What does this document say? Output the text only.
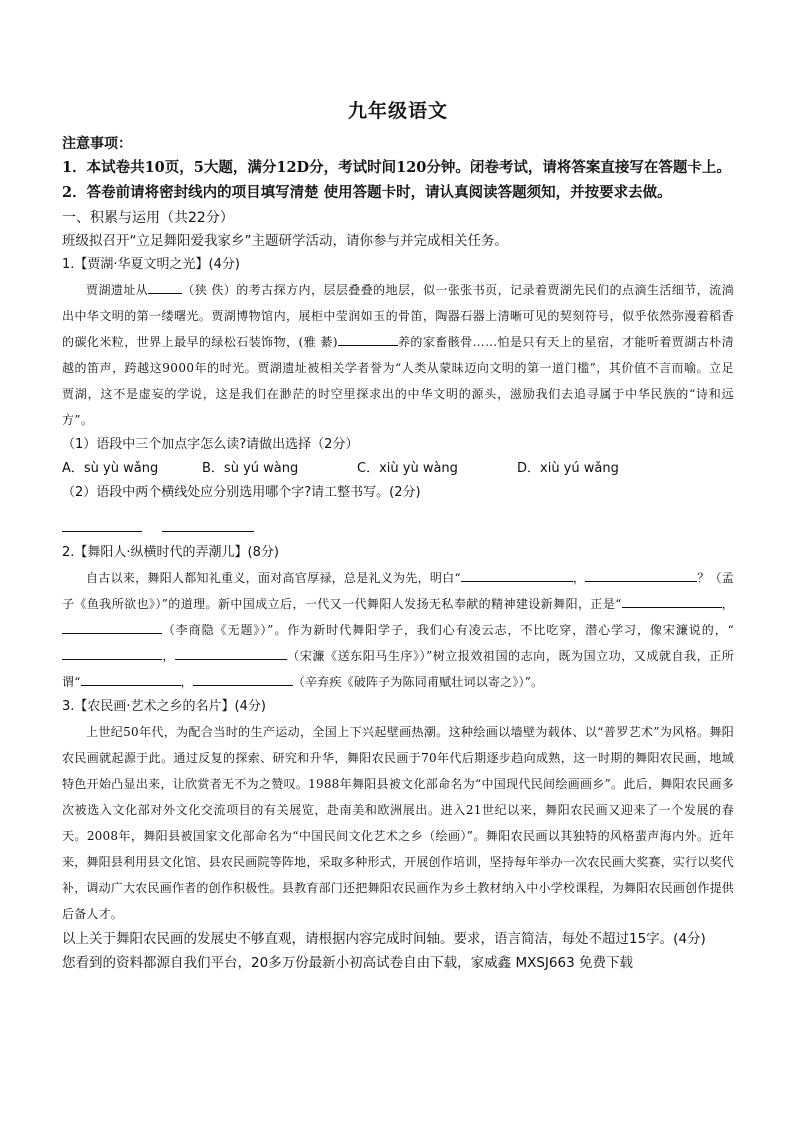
九年级语文
注意事项：
1．本试卷共10页，5大题，满分12D分，考试时间120分钟。闭卷考试，请将答案直接写在答题卡上。
2．答卷前请将密封线内的项目填写清楚 使用答题卡时，请认真阅读答题须知，并按要求去做。
一、积累与运用（共22分）
班级拟召开“立足舞阳爱我家乡”主题研学活动，请你参与并完成相关任务。
1.【贾湖·华夏文明之光】(4分)
贾湖遗址从	（狭 佚）的考古探方内，层层叠叠的地层，似一张张书页，记录着贾湖先民们的点滴生活细节，流淌出中华文明的第一缕曙光。贾湖博物馆内，展柜中莹润如玉的骨笛，陶器石器上清晰可见的契刻符号，似乎依然弥漫着稻香的碳化米粒，世界上最早的绿松石装饰物，(雅 綦)	养的家畜骸骨……怕是只有天上的星宿，才能听着贾湖古朴清越的笛声，跨越这9000年的时光。贾湖遗址被相关学者誉为“人类从蒙昧迈向文明的第一道门槛”，其价值不言而喻。立足贾湖，这不是虚妄的学说，这是我们在渺茫的时空里探求出的中华文明的源头，滋励我们去追寻属于中华民族的“诗和远方”。
（1）语段中三个加点字怎么读?请做出选择（2分）
A．sù yù wǎng	B．sù yú wàng	C．xiù yù wàng	D．xiù yú wǎng
（2）语段中两个横线处应分别选用哪个字?请工整书写。(2分)
2.【舞阳人·纵横时代的弄潮儿】(8分)
自古以来，舞阳人都知礼重义，面对高官厚禄，总是礼义为先，明白“	，	？（孟子《鱼我所欲也》）”的道理。新中国成立后，一代又一代舞阳人发扬无私奉献的精神建设新舞阳，正是“	，（李商隐《无题》）”。作为新时代舞阳学子，我们心有凌云志，不比吃穿，潜心学习，像宋濂说的，“，	（宋濂《送东阳马生序》）”树立报效祖国的志向，既为国立功，又成就自我，正所谓“	，	（辛弃疾《破阵子为陈同甫赋壮词以寄之》）”。
3.【农民画·艺术之乡的名片】(4分)
上世纪50年代，为配合当时的生产运动，全国上下兴起壁画热潮。这种绘画以墙壁为载体、以“普罗艺术”为风格。舞阳农民画就起源于此。通过反复的探索、研究和升华，舞阳农民画于70年代后期逐步趋向成熟，这一时期的舞阳农民画，地域特色开始凸显出来，让欣赏者无不为之赞叹。1988年舞阳县被文化部命名为“中国现代民间绘画画乡”。此后，舞阳农民画多次被选入文化部对外文化交流项目的有关展览，赴南美和欧洲展出。进入21世纪以来，舞阳农民画又迎来了一个发展的春天。2008年，舞阳县被国家文化部命名为“中国民间文化艺术之乡（绘画）”。舞阳农民画以其独特的风格蜚声海内外。近年来，舞阳县利用县文化馆、县农民画院等阵地，采取多种形式，开展创作培训，坚持每年举办一次农民画大奖赛，实行以奖代补，调动广大农民画作者的创作积极性。县教育部门还把舞阳农民画作为乡土教材纳入中小学校课程，为舞阳农民画创作提供后备人才。
以上关于舞阳农民画的发展史不够直观，请根据内容完成时间轴。要求，语言简洁，每处不超过15字。(4分)
您看到的资料都源自我们平台，20多万份最新小初高试卷自由下载，家威鑫 MXSJ663 免费下载
